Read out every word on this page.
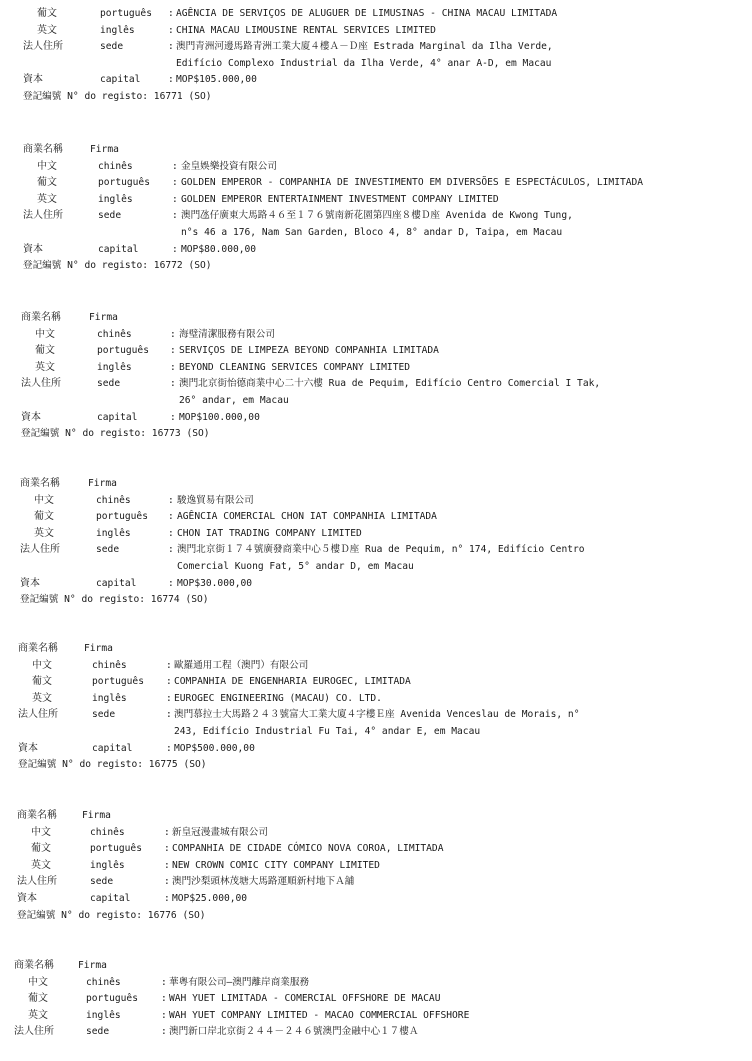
葡文	português : AGÊNCIA DE SERVIÇOS DE ALUGUER DE LIMUSINAS - CHINA MACAU LIMITADA
英文	inglês	: CHINA MACAU LIMOUSINE RENTAL SERVICES LIMITED
法人住所	sede	: 澳門青洲河邊馬路青洲工業大廈４樓Ａ－Ｄ座 Estrada Marginal da Ilha Verde,
Edifício Complexo Industrial da Ilha Verde, 4° anar A-D, em Macau
資本	capital	: MOP$105.000,00
登記編號 N° do registo: 16771 (SO)
商業名稱	Firma
中文	chinês	: 金皇娛樂投資有限公司
葡文	português : GOLDEN EMPEROR - COMPANHIA DE INVESTIMENTO EM DIVERSÕES E ESPECTÁCULOS, LIMITADA
英文	inglês	: GOLDEN EMPEROR ENTERTAINMENT INVESTMENT COMPANY LIMITED
法人住所	sede	: 澳門氹仔廣東大馬路４６至１７６號南新花園第四座８樓Ｄ座 Avenida de Kwong Tung,
n°s 46 a 176, Nam San Garden, Bloco 4, 8° andar D, Taipa, em Macau
資本	capital	: MOP$80.000,00
登記編號 N° do registo: 16772 (SO)
商業名稱	Firma
中文	chinês	: 海璧清潔服務有限公司
葡文	português : SERVIÇOS DE LIMPEZA BEYOND COMPANHIA LIMITADA
英文	inglês	: BEYOND CLEANING SERVICES COMPANY LIMITED
法人住所	sede	: 澳門北京街怡德商業中心二十六樓 Rua de Pequim, Edifício Centro Comercial I Tak,
26° andar, em Macau
資本	capital	: MOP$100.000,00
登記編號 N° do registo: 16773 (SO)
商業名稱	Firma
中文	chinês	: 駿逸貿易有限公司
葡文	português : AGÊNCIA COMERCIAL CHON IAT COMPANHIA LIMITADA
英文	inglês	: CHON IAT TRADING COMPANY LIMITED
法人住所	sede	: 澳門北京街１７４號廣發商業中心５樓Ｄ座 Rua de Pequim, n° 174, Edifício Centro
Comercial Kuong Fat, 5° andar D, em Macau
資本	capital	: MOP$30.000,00
登記編號 N° do registo: 16774 (SO)
商業名稱	Firma
中文	chinês	: 歐羅通用工程（澳門）有限公司
葡文	português : COMPANHIA DE ENGENHARIA EUROGEC, LIMITADA
英文	inglês	: EUROGEC ENGINEERING (MACAU) CO. LTD.
法人住所	sede	: 澳門慕拉士大馬路２４３號富大工業大廈４字樓Ｅ座 Avenida Venceslau de Morais, n°
243, Edifício Industrial Fu Tai, 4° andar E, em Macau
資本	capital	: MOP$500.000,00
登記編號 N° do registo: 16775 (SO)
商業名稱	Firma
中文	chinês	: 新皇冠漫畫城有限公司
葡文	português : COMPANHIA DE CIDADE CÓMICO NOVA COROA, LIMITADA
英文	inglês	: NEW CROWN COMIC CITY COMPANY LIMITED
法人住所	sede	: 澳門沙梨頭林茂塘大馬路運順新村地下Ａ舖
資本	capital	: MOP$25.000,00
登記編號 N° do registo: 16776 (SO)
商業名稱	Firma
中文	chinês	: 華粵有限公司—澳門離岸商業服務
葡文	português : WAH YUET LIMITADA - COMERCIAL OFFSHORE DE MACAU
英文	inglês	: WAH YUET COMPANY LIMITED - MACAO COMMERCIAL OFFSHORE
法人住所	sede	: 澳門新口岸北京街２４４－２４６號澳門金融中心１７樓Ａ
